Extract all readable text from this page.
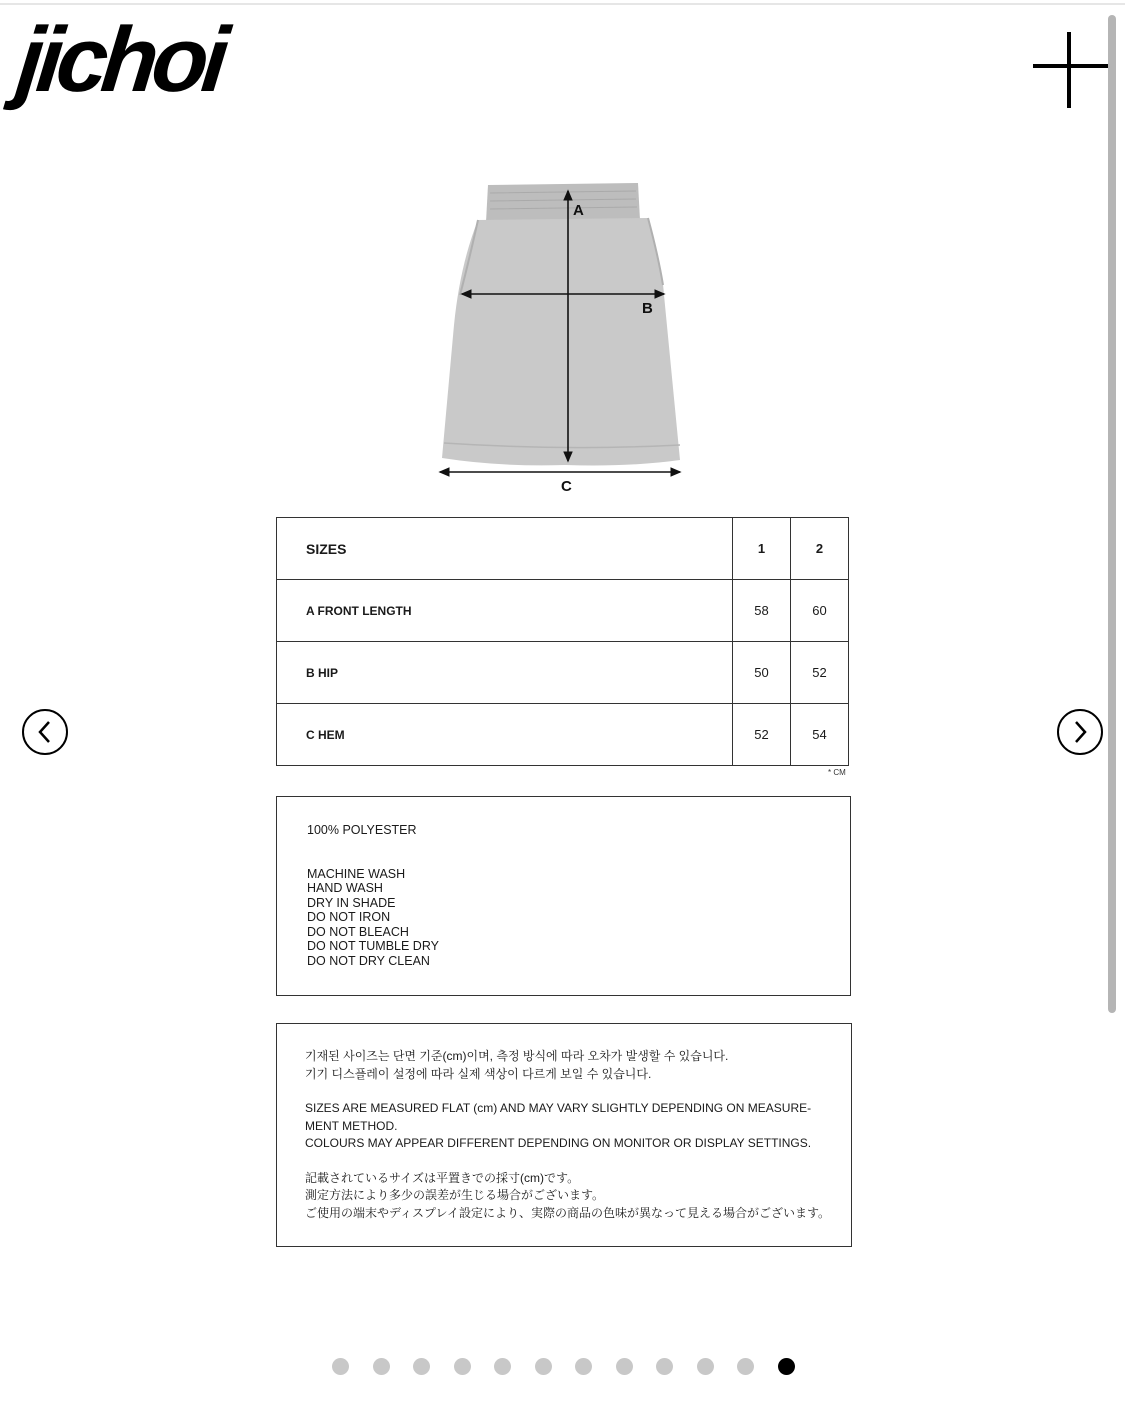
jichoi
A
B
C
SIZES	1	2
A FRONT LENGTH	58	60
B HIP	50	52
C HEM	52	54
* CM
100% POLYESTER
MACHINE WASH
HAND WASH
DRY IN SHADE
DO NOT IRON
DO NOT BLEACH
DO NOT TUMBLE DRY
DO NOT DRY CLEAN
기재된 사이즈는 단면 기준(cm)이며, 측정 방식에 따라 오차가 발생할 수 있습니다.
기기 디스플레이 설정에 따라 실제 색상이 다르게 보일 수 있습니다.
SIZES ARE MEASURED FLAT (cm) AND MAY VARY SLIGHTLY DEPENDING ON MEASURE-
MENT METHOD.
COLOURS MAY APPEAR DIFFERENT DEPENDING ON MONITOR OR DISPLAY SETTINGS.
記載されているサイズは平置きでの採寸(cm)です。
測定方法により多少の誤差が生じる場合がございます。
ご使用の端末やディスプレイ設定により、実際の商品の色味が異なって見える場合がございます。
